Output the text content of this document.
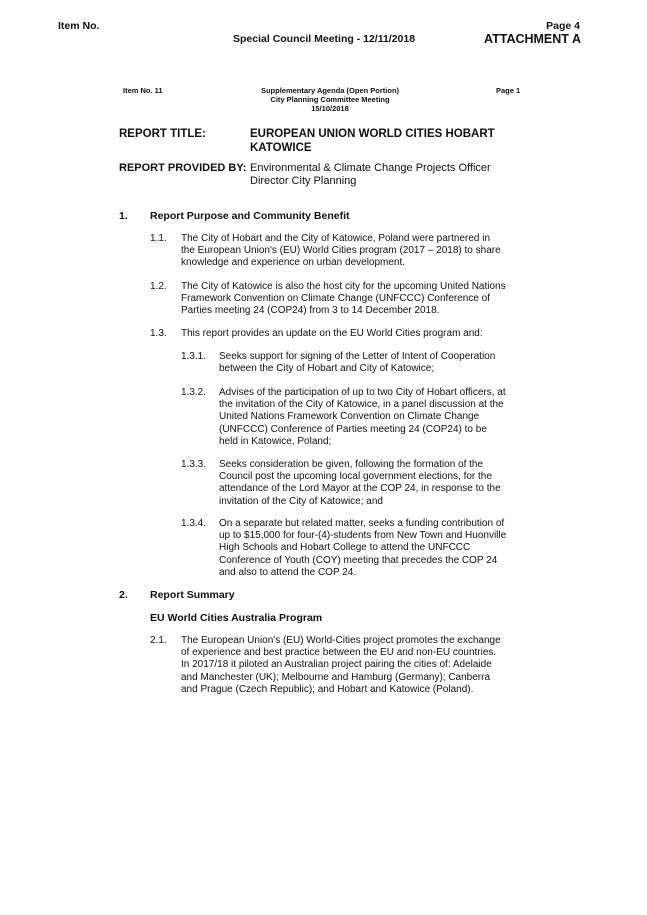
Item No.
Special Council Meeting - 12/11/2018
Page 4
ATTACHMENT A
Item No. 11	Supplementary Agenda (Open Portion)
City Planning Committee Meeting
15/10/2018
Page 1
REPORT TITLE:	EUROPEAN UNION WORLD CITIES HOBART
KATOWICE
REPORT PROVIDED BY: Environmental & Climate Change Projects Officer
Director City Planning
1. Report Purpose and Community Benefit
1.1. The City of Hobart and the City of Katowice, Poland were partnered in
the European Union's (EU) World Cities program (2017 – 2018) to share
knowledge and experience on urban development.
1.2. The City of Katowice is also the host city for the upcoming United Nations
Framework Convention on Climate Change (UNFCCC) Conference of
Parties meeting 24 (COP24) from 3 to 14 December 2018.
1.3. This report provides an update on the EU World Cities program and:
1.3.1. Seeks support for signing of the Letter of Intent of Cooperation
between the City of Hobart and City of Katowice;
1.3.2. Advises of the participation of up to two City of Hobart officers, at
the invitation of the City of Katowice, in a panel discussion at the
United Nations Framework Convention on Climate Change
(UNFCCC) Conference of Parties meeting 24 (COP24) to be
held in Katowice, Poland;
1.3.3. Seeks consideration be given, following the formation of the
Council post the upcoming local government elections, for the
attendance of the Lord Mayor at the COP 24, in response to the
invitation of the City of Katowice; and
1.3.4. On a separate but related matter, seeks a funding contribution of
up to $15,000 for four-(4)-students from New Town and Huonville
High Schools and Hobart College to attend the UNFCCC
Conference of Youth (COY) meeting that precedes the COP 24
and also to attend the COP 24.
2. Report Summary
EU World Cities Australia Program
2.1. The European Union's (EU) World-Cities project promotes the exchange
of experience and best practice between the EU and non-EU countries.
In 2017/18 it piloted an Australian project pairing the cities of: Adelaide
and Manchester (UK); Melbourne and Hamburg (Germany); Canberra
and Prague (Czech Republic); and Hobart and Katowice (Poland).
